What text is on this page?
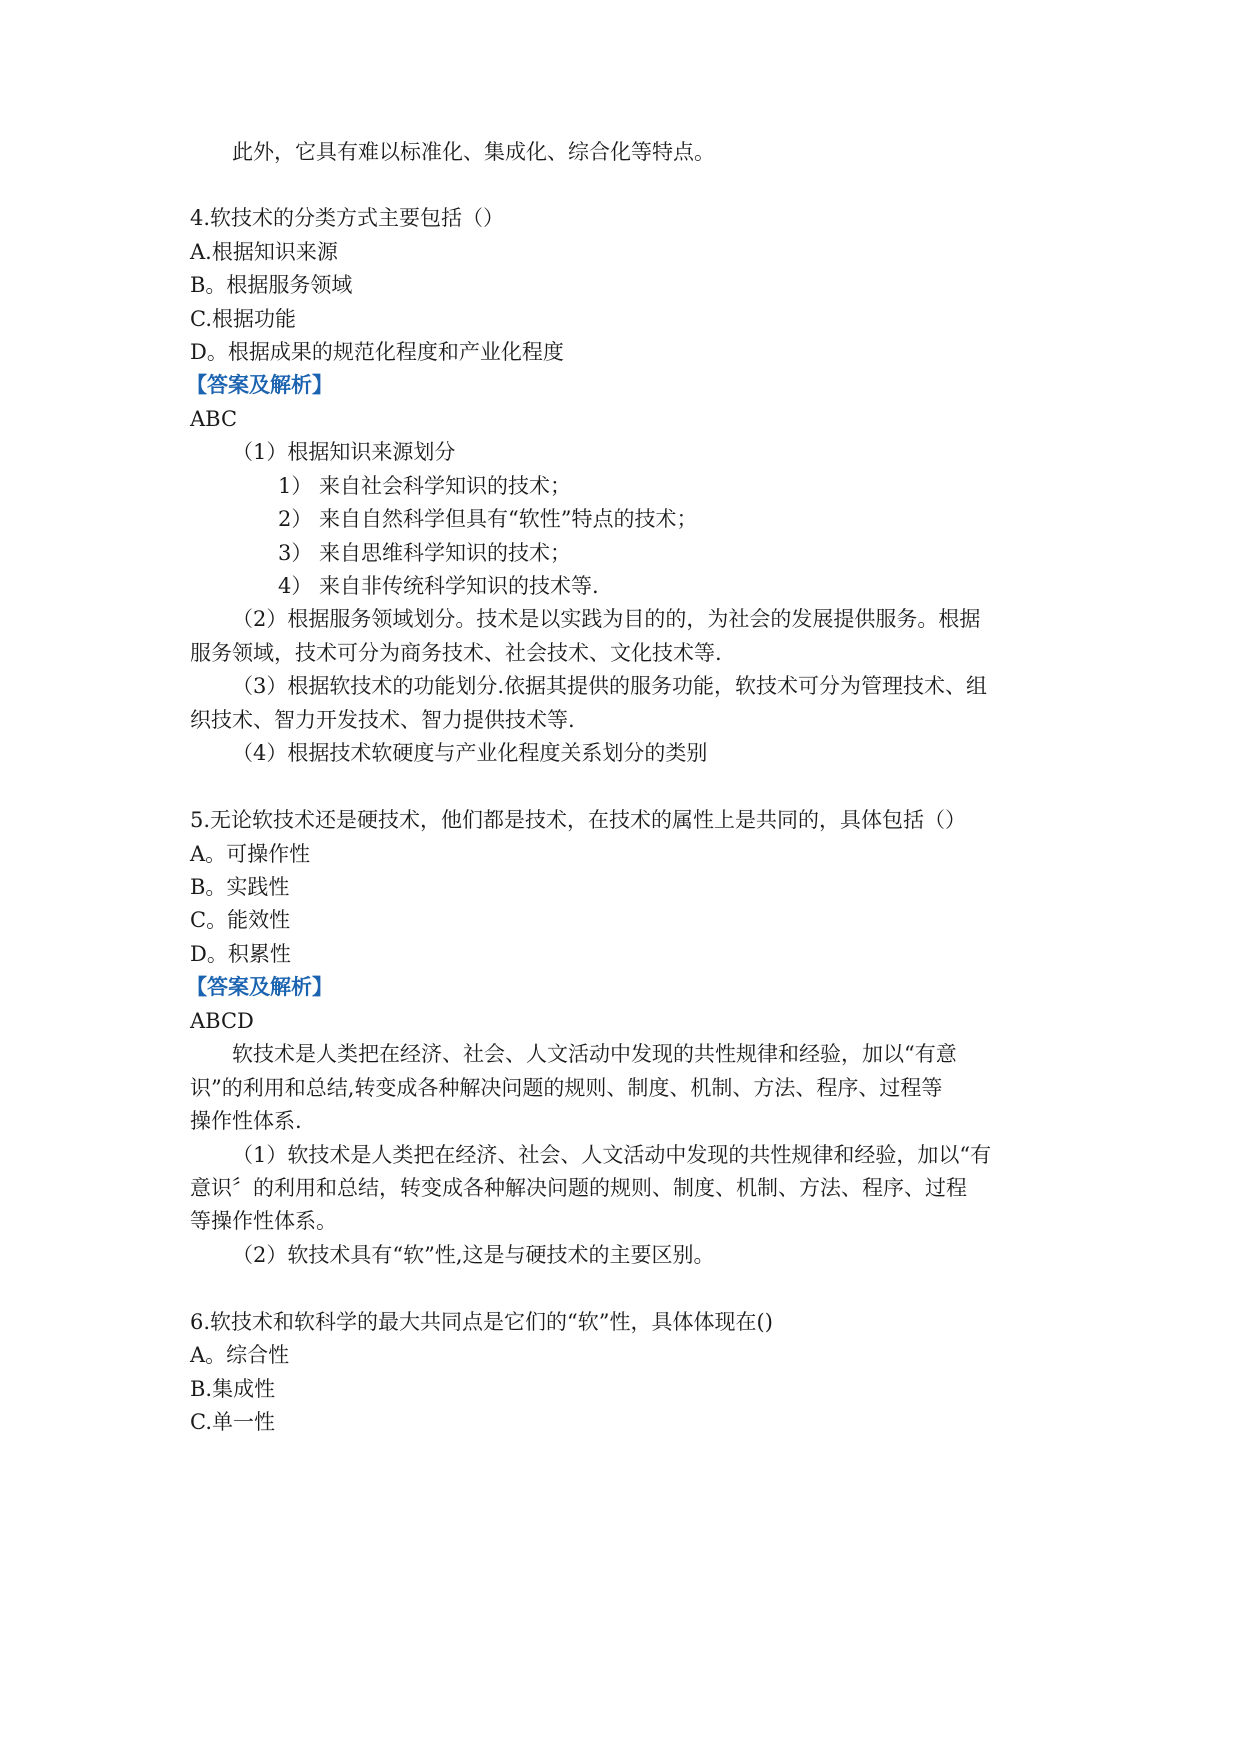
此外，它具有难以标准化、集成化、综合化等特点。
4.软技术的分类方式主要包括（）
A.根据知识来源
B。根据服务领域
C.根据功能
D。根据成果的规范化程度和产业化程度
【答案及解析】
ABC
（1）根据知识来源划分
1） 来自社会科学知识的技术；
2） 来自自然科学但具有“软性”特点的技术；
3） 来自思维科学知识的技术；
4） 来自非传统科学知识的技术等.
（2）根据服务领域划分。技术是以实践为目的的，为社会的发展提供服务。根据
服务领域，技术可分为商务技术、社会技术、文化技术等.
（3）根据软技术的功能划分.依据其提供的服务功能，软技术可分为管理技术、组
织技术、智力开发技术、智力提供技术等.
（4）根据技术软硬度与产业化程度关系划分的类别
5.无论软技术还是硬技术，他们都是技术，在技术的属性上是共同的，具体包括（）
A。可操作性
B。实践性
C。能效性
D。积累性
【答案及解析】
ABCD
软技术是人类把在经济、社会、人文活动中发现的共性规律和经验，加以“有意
识”的利用和总结,转变成各种解决问题的规则、制度、机制、方法、程序、过程等
操作性体系.
（1）软技术是人类把在经济、社会、人文活动中发现的共性规律和经验，加以“有
意识〞的利用和总结，转变成各种解决问题的规则、制度、机制、方法、程序、过程
等操作性体系。
（2）软技术具有“软”性,这是与硬技术的主要区别。
6.软技术和软科学的最大共同点是它们的“软”性，具体体现在()
A。综合性
B.集成性
C.单一性
